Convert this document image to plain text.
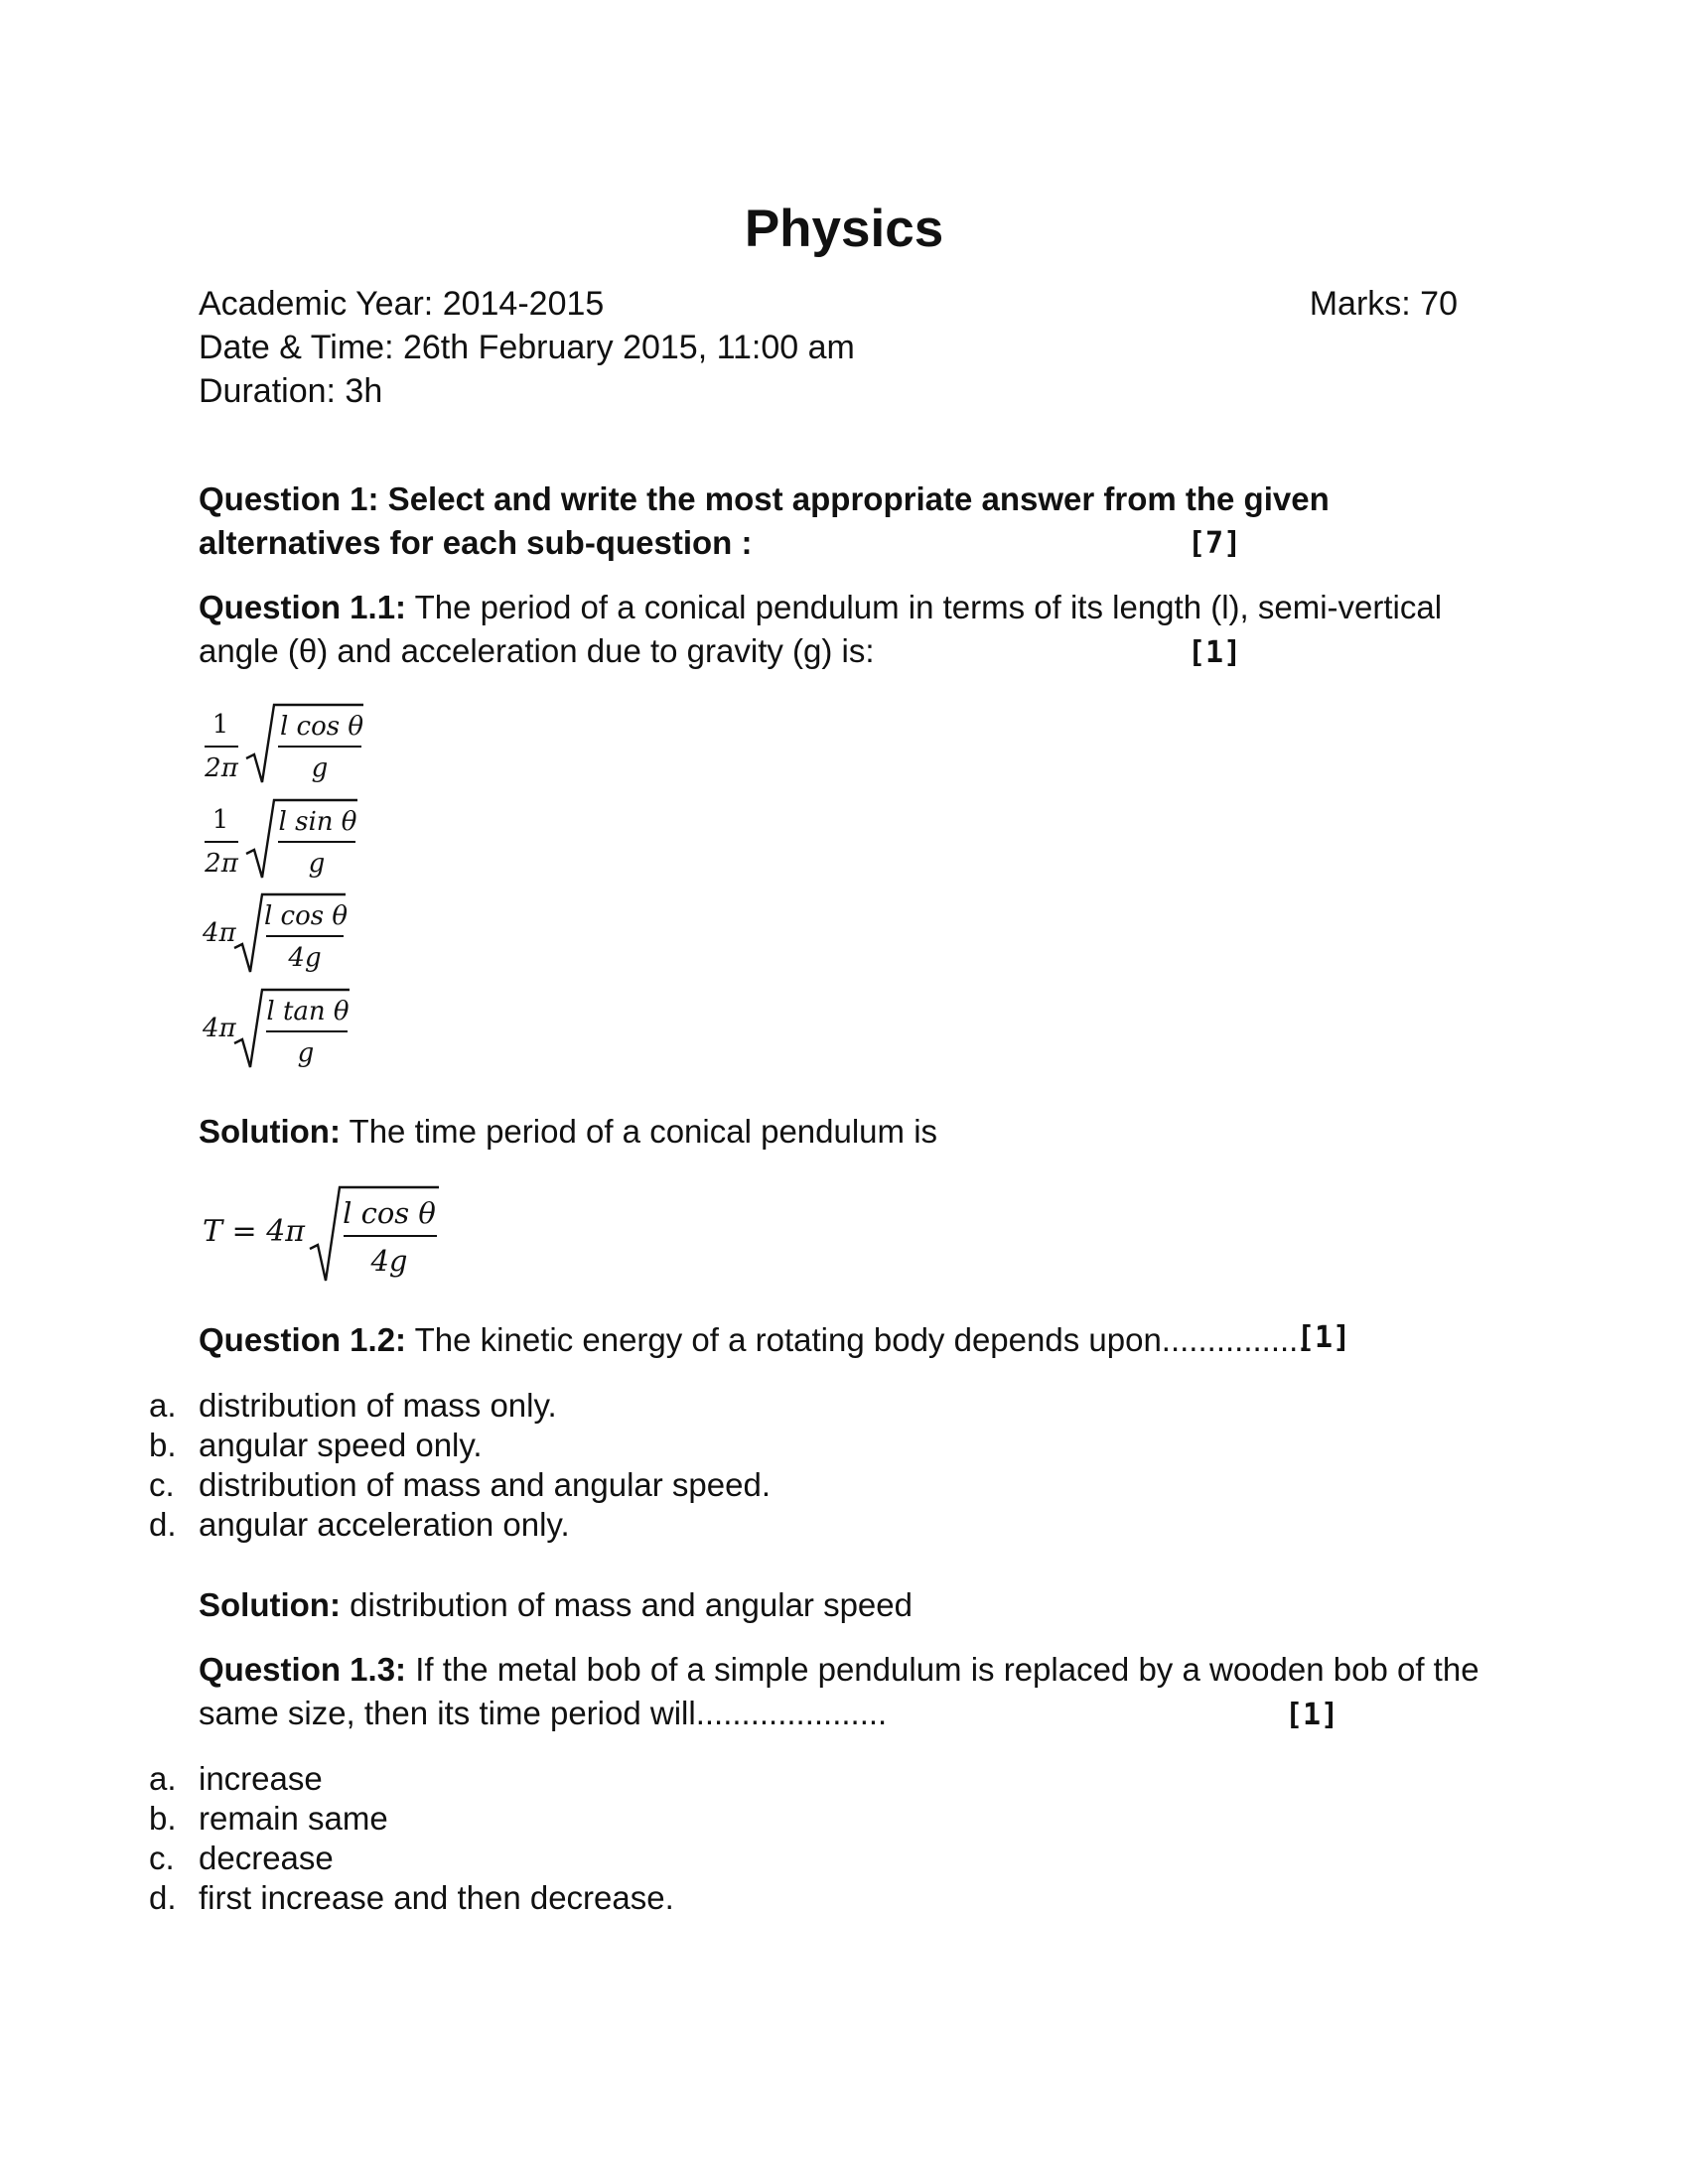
Physics
Academic Year: 2014-2015
Date & Time: 26th February 2015, 11:00 am
Duration: 3h
Marks: 70
Question 1: Select and write the most appropriate answer from the given alternatives for each sub-question :	[7]
Question 1.1: The period of a conical pendulum in terms of its length (l), semi-vertical angle (θ) and acceleration due to gravity (g) is:	[1]
1
2π
l cos θ
g
1
2π
l sin θ
g
4π
l cos θ
4g
4π
l tan θ
g
Solution: The time period of a conical pendulum is
T = 4π
l cos θ
4g
Question 1.2: The kinetic energy of a rotating body depends upon................
[1]
a. distribution of mass only.
b. angular speed only.
c. distribution of mass and angular speed.
d. angular acceleration only.
Solution: distribution of mass and angular speed
Question 1.3: If the metal bob of a simple pendulum is replaced by a wooden bob of the same size, then its time period will.....................	[1]
a. increase
b. remain same
c. decrease
d. first increase and then decrease.
